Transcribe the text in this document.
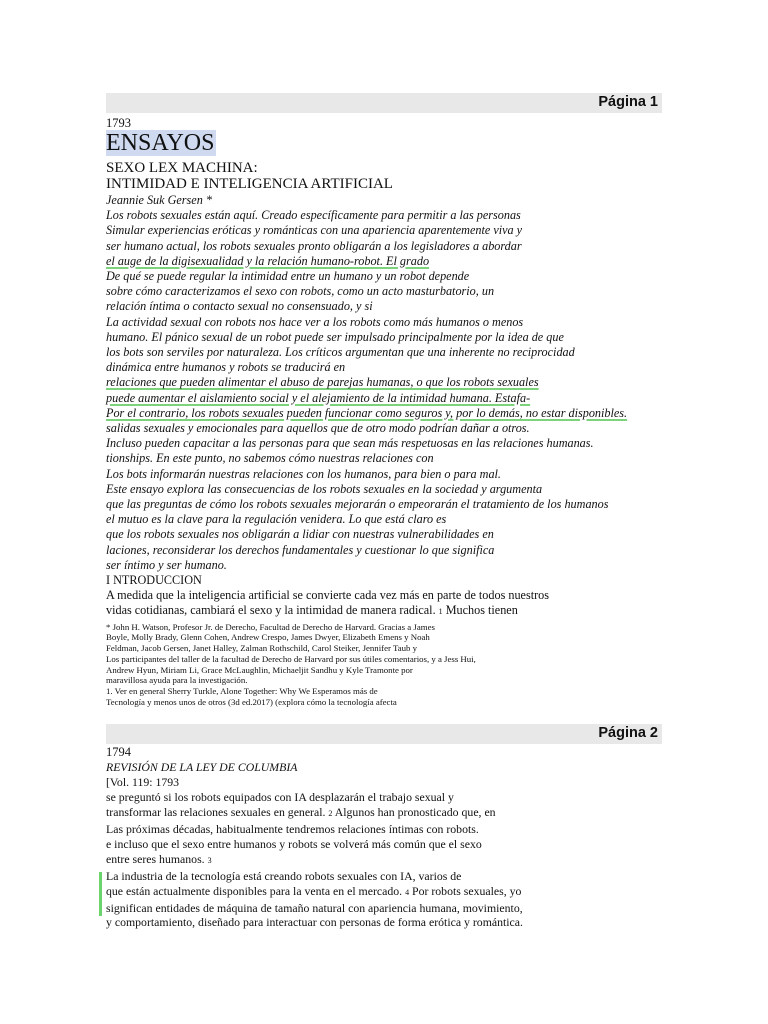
Página 1
1793
ENSAYOS
SEXO LEX MACHINA:
INTIMIDAD E INTELIGENCIA ARTIFICIAL
Jeannie Suk Gersen *
Los robots sexuales están aquí. Creado específicamente para permitir a las personas
Simular experiencias eróticas y románticas con una apariencia aparentemente viva y
ser humano actual, los robots sexuales pronto obligarán a los legisladores a abordar
el auge de la digisexualidad y la relación humano-robot. El grado
De qué se puede regular la intimidad entre un humano y un robot depende
sobre cómo caracterizamos el sexo con robots, como un acto masturbatorio, un
relación íntima o contacto sexual no consensuado, y si
La actividad sexual con robots nos hace ver a los robots como más humanos o menos
humano. El pánico sexual de un robot puede ser impulsado principalmente por la idea de que
los bots son serviles por naturaleza. Los críticos argumentan que una inherente no reciprocidad
dinámica entre humanos y robots se traducirá en
relaciones que pueden alimentar el abuso de parejas humanas, o que los robots sexuales
puede aumentar el aislamiento social y el alejamiento de la intimidad humana. Estafa-
Por el contrario, los robots sexuales pueden funcionar como seguros y, por lo demás, no estar disponibles.
salidas sexuales y emocionales para aquellos que de otro modo podrían dañar a otros.
Incluso pueden capacitar a las personas para que sean más respetuosas en las relaciones humanas.
tionships. En este punto, no sabemos cómo nuestras relaciones con
Los bots informarán nuestras relaciones con los humanos, para bien o para mal.
Este ensayo explora las consecuencias de los robots sexuales en la sociedad y argumenta
que las preguntas de cómo los robots sexuales mejorarán o empeorarán el tratamiento de los humanos
el mutuo es la clave para la regulación venidera. Lo que está claro es
que los robots sexuales nos obligarán a lidiar con nuestras vulnerabilidades en
laciones, reconsiderar los derechos fundamentales y cuestionar lo que significa
ser íntimo y ser humano.
I NTRODUCCION
A medida que la inteligencia artificial se convierte cada vez más en parte de todos nuestros
vidas cotidianas, cambiará el sexo y la intimidad de manera radical. 1 Muchos tienen
* John H. Watson, Profesor Jr. de Derecho, Facultad de Derecho de Harvard. Gracias a James
Boyle, Molly Brady, Glenn Cohen, Andrew Crespo, James Dwyer, Elizabeth Emens y Noah
Feldman, Jacob Gersen, Janet Halley, Zalman Rothschild, Carol Steiker, Jennifer Taub y
Los participantes del taller de la facultad de Derecho de Harvard por sus útiles comentarios, y a Jess Hui,
Andrew Hyun, Miriam Li, Grace McLaughlin, Michaeljit Sandhu y Kyle Tramonte por
maravillosa ayuda para la investigación.
1. Ver en general Sherry Turkle, Alone Together: Why We Esperamos más de
Tecnología y menos unos de otros (3d ed.2017) (explora cómo la tecnología afecta
Página 2
1794
REVISIÓN DE LA LEY DE COLUMBIA
[Vol. 119: 1793
se preguntó si los robots equipados con IA desplazarán el trabajo sexual y
transformar las relaciones sexuales en general. 2 Algunos han pronosticado que, en
Las próximas décadas, habitualmente tendremos relaciones íntimas con robots.
e incluso que el sexo entre humanos y robots se volverá más común que el sexo
entre seres humanos. 3
La industria de la tecnología está creando robots sexuales con IA, varios de
que están actualmente disponibles para la venta en el mercado. 4 Por robots sexuales, yo
significan entidades de máquina de tamaño natural con apariencia humana, movimiento,
y comportamiento, diseñado para interactuar con personas de forma erótica y romántica.
